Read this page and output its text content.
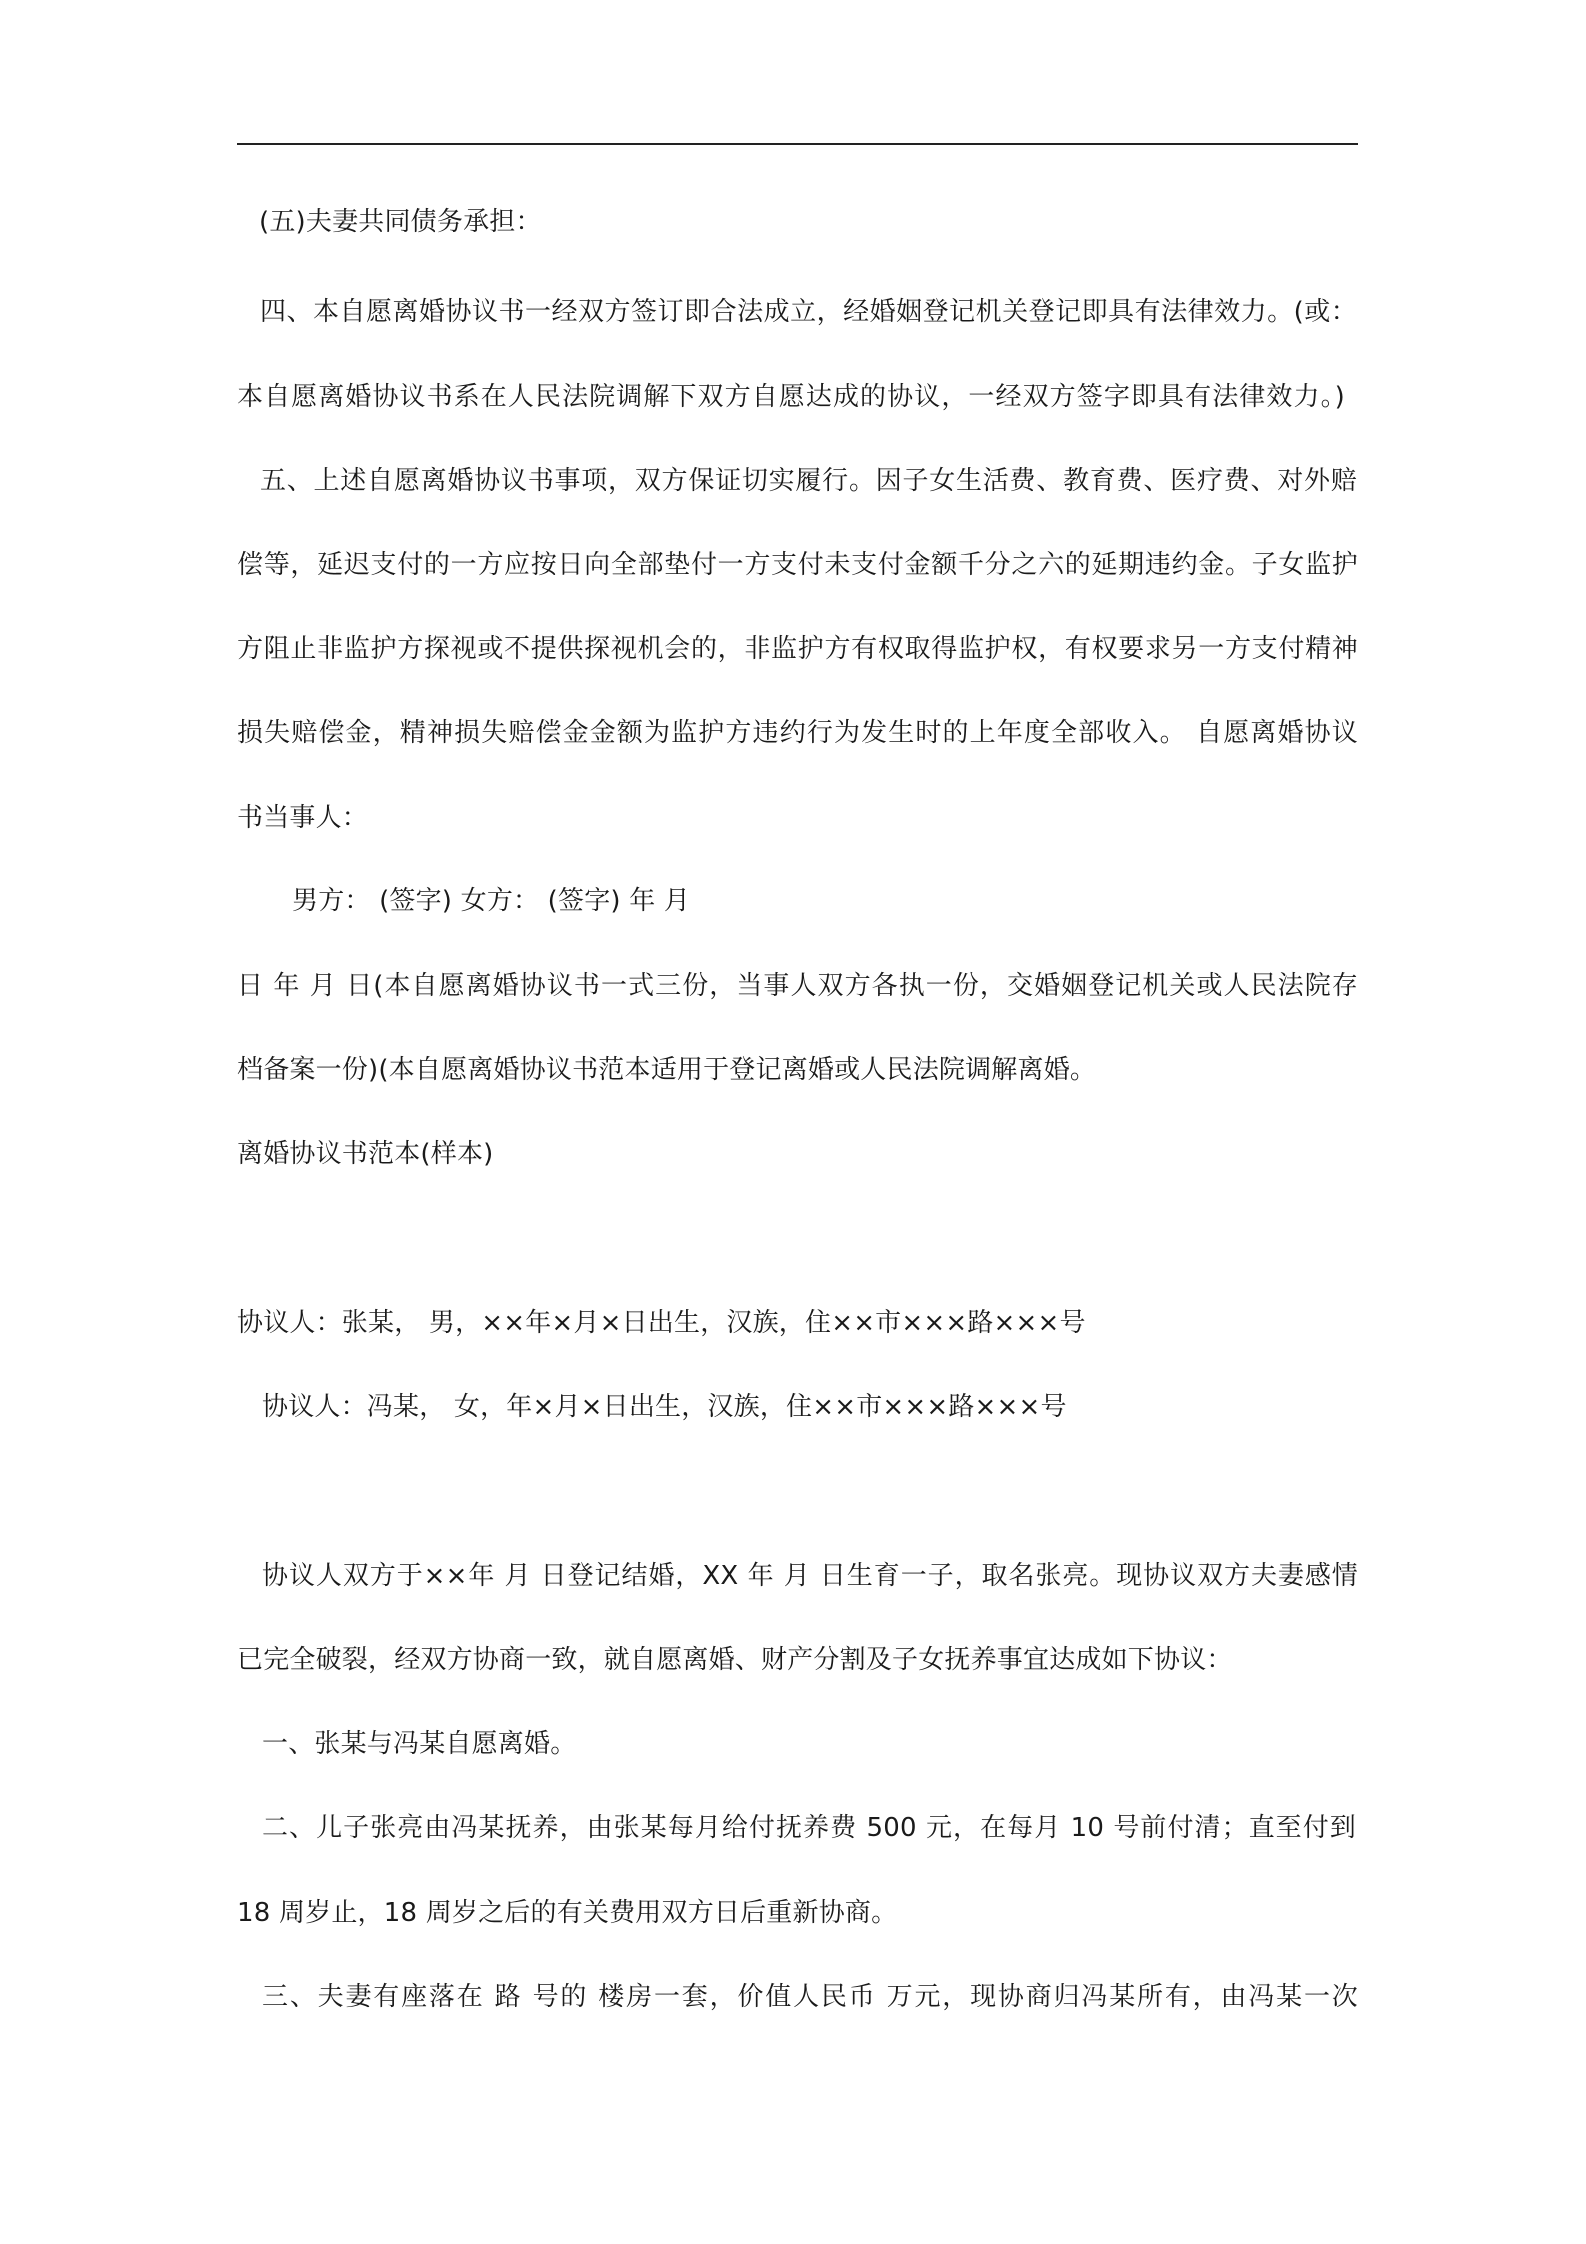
(五)夫妻共同债务承担：
四、本自愿离婚协议书一经双方签订即合法成立，经婚姻登记机关登记即具有法律效力。(或：
本自愿离婚协议书系在人民法院调解下双方自愿达成的协议，一经双方签字即具有法律效力。)
五、上述自愿离婚协议书事项，双方保证切实履行。因子女生活费、教育费、医疗费、对外赔
偿等，延迟支付的一方应按日向全部垫付一方支付未支付金额千分之六的延期违约金。子女监护
方阻止非监护方探视或不提供探视机会的，非监护方有权取得监护权，有权要求另一方支付精神
损失赔偿金，精神损失赔偿金金额为监护方违约行为发生时的上年度全部收入。 自愿离婚协议
书当事人：
男方： (签字) 女方： (签字) 年 月
日 年 月 日(本自愿离婚协议书一式三份，当事人双方各执一份，交婚姻登记机关或人民法院存
档备案一份)(本自愿离婚协议书范本适用于登记离婚或人民法院调解离婚。
离婚协议书范本(样本)
协议人：张某， 男，××年×月×日出生，汉族，住××市×××路×××号
协议人：冯某， 女，年×月×日出生，汉族，住××市×××路×××号
协议人双方于××年 月 日登记结婚，XX 年 月 日生育一子，取名张亮。现协议双方夫妻感情
已完全破裂，经双方协商一致，就自愿离婚、财产分割及子女抚养事宜达成如下协议：
一、张某与冯某自愿离婚。
二、儿子张亮由冯某抚养，由张某每月给付抚养费 500 元，在每月 10 号前付清；直至付到
18 周岁止，18 周岁之后的有关费用双方日后重新协商。
三、夫妻有座落在 路 号的 楼房一套，价值人民币 万元，现协商归冯某所有，由冯某一次
